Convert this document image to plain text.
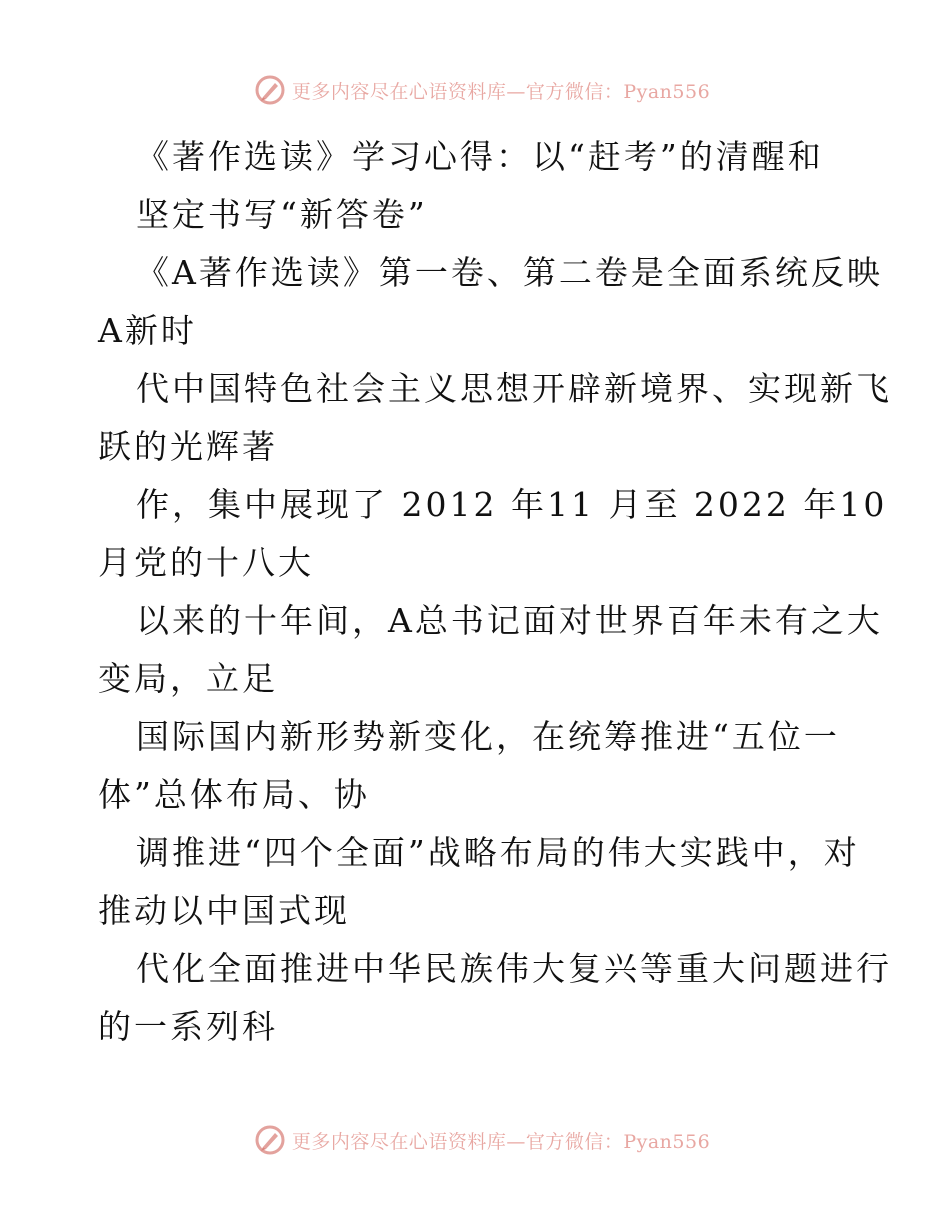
更多内容尽在心语资料库—官方微信：Pyan556
《著作选读》学习心得：以“赶考”的清醒和
坚定书写“新答卷”
《A著作选读》第一卷、第二卷是全面系统反映
A新时
代中国特色社会主义思想开辟新境界、实现新飞
跃的光辉著
作，集中展现了 2012 年11 月至 2022 年10
月党的十八大
以来的十年间，A总书记面对世界百年未有之大
变局，立足
国际国内新形势新变化，在统筹推进“五位一
体”总体布局、协
调推进“四个全面”战略布局的伟大实践中，对
推动以中国式现
代化全面推进中华民族伟大复兴等重大问题进行
的一系列科
更多内容尽在心语资料库—官方微信：Pyan556
